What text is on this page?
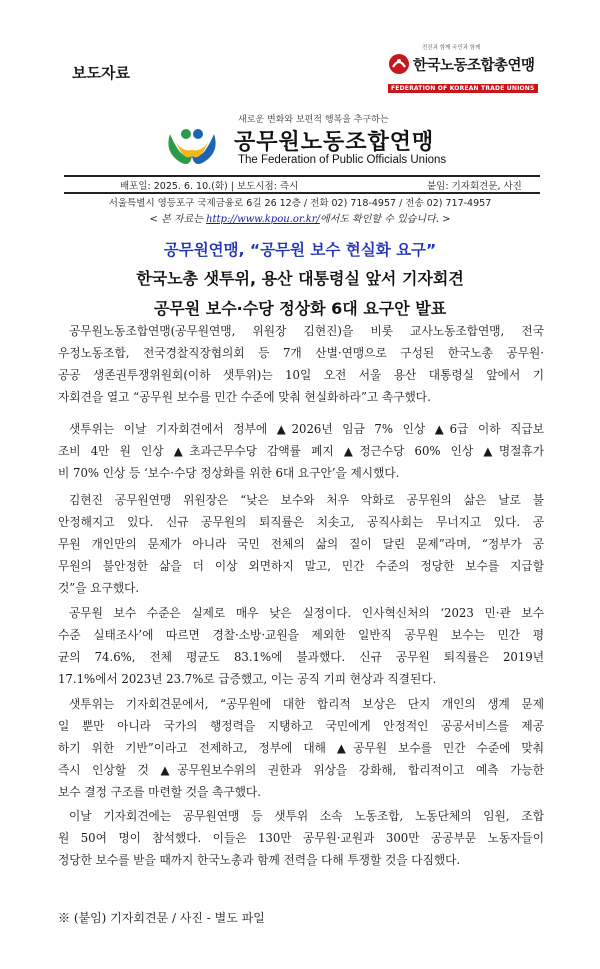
보도자료
전진과 함께 국민과 함께
한국노동조합총연맹
FEDERATION OF KOREAN TRADE UNIONS
새로운 변화와 보편적 행복을 추구하는
공무원노동조합연맹
The Federation of Public Officials Unions
배포일: 2025. 6. 10.(화) | 보도시점: 즉시	붙임: 기자회견문, 사진
서울특별시 영등포구 국제금융로 6길 26 12층 / 전화 02) 718-4957 / 전송 02) 717-4957
< 본 자료는 http://www.kpou.or.kr/에서도 확인할 수 있습니다. >
공무원연맹, “공무원 보수 현실화 요구”
한국노총 샛투위, 용산 대통령실 앞서 기자회견
공무원 보수·수당 정상화 6대 요구안 발표
공무원노동조합연맹(공무원연맹, 위원장 김현진)을 비롯 교사노동조합연맹, 전국
우정노동조합, 전국경찰직장협의회 등 7개 산별·연맹으로 구성된 한국노총 공무원·
공공 생존권투쟁위원회(이하 샛투위)는 10일 오전 서울 용산 대통령실 앞에서 기
자회견을 열고 “공무원 보수를 민간 수준에 맞춰 현실화하라”고 촉구했다.
샛투위는 이날 기자회견에서 정부에 ▲2026년 임금 7% 인상 ▲6급 이하 직급보
조비 4만 원 인상 ▲초과근무수당 감액률 폐지 ▲정근수당 60% 인상 ▲명절휴가
비 70% 인상 등 ‘보수·수당 정상화를 위한 6대 요구안’을 제시했다.
김현진 공무원연맹 위원장은 “낮은 보수와 처우 악화로 공무원의 삶은 날로 불
안정해지고 있다. 신규 공무원의 퇴직률은 치솟고, 공직사회는 무너지고 있다. 공
무원 개인만의 문제가 아니라 국민 전체의 삶의 질이 달린 문제”라며, “정부가 공
무원의 불안정한 삶을 더 이상 외면하지 말고, 민간 수준의 정당한 보수를 지급할
것”을 요구했다.
공무원 보수 수준은 실제로 매우 낮은 실정이다. 인사혁신처의 ‘2023 민·관 보수
수준 실태조사’에 따르면 경찰·소방·교원을 제외한 일반직 공무원 보수는 민간 평
균의 74.6%, 전체 평균도 83.1%에 불과했다. 신규 공무원 퇴직률은 2019년
17.1%에서 2023년 23.7%로 급증했고, 이는 공직 기피 현상과 직결된다.
샛투위는 기자회견문에서, “공무원에 대한 합리적 보상은 단지 개인의 생계 문제
일 뿐만 아니라 국가의 행정력을 지탱하고 국민에게 안정적인 공공서비스를 제공
하기 위한 기반”이라고 전제하고, 정부에 대해 ▲공무원 보수를 민간 수준에 맞춰
즉시 인상할 것 ▲공무원보수위의 권한과 위상을 강화해, 합리적이고 예측 가능한
보수 결정 구조를 마련할 것을 촉구했다.
이날 기자회견에는 공무원연맹 등 샛투위 소속 노동조합, 노동단체의 임원, 조합
원 50여 명이 참석했다. 이들은 130만 공무원·교원과 300만 공공부문 노동자들이
정당한 보수를 받을 때까지 한국노총과 함께 전력을 다해 투쟁할 것을 다짐했다.
※ (붙임) 기자회견문 / 사진 - 별도 파일
